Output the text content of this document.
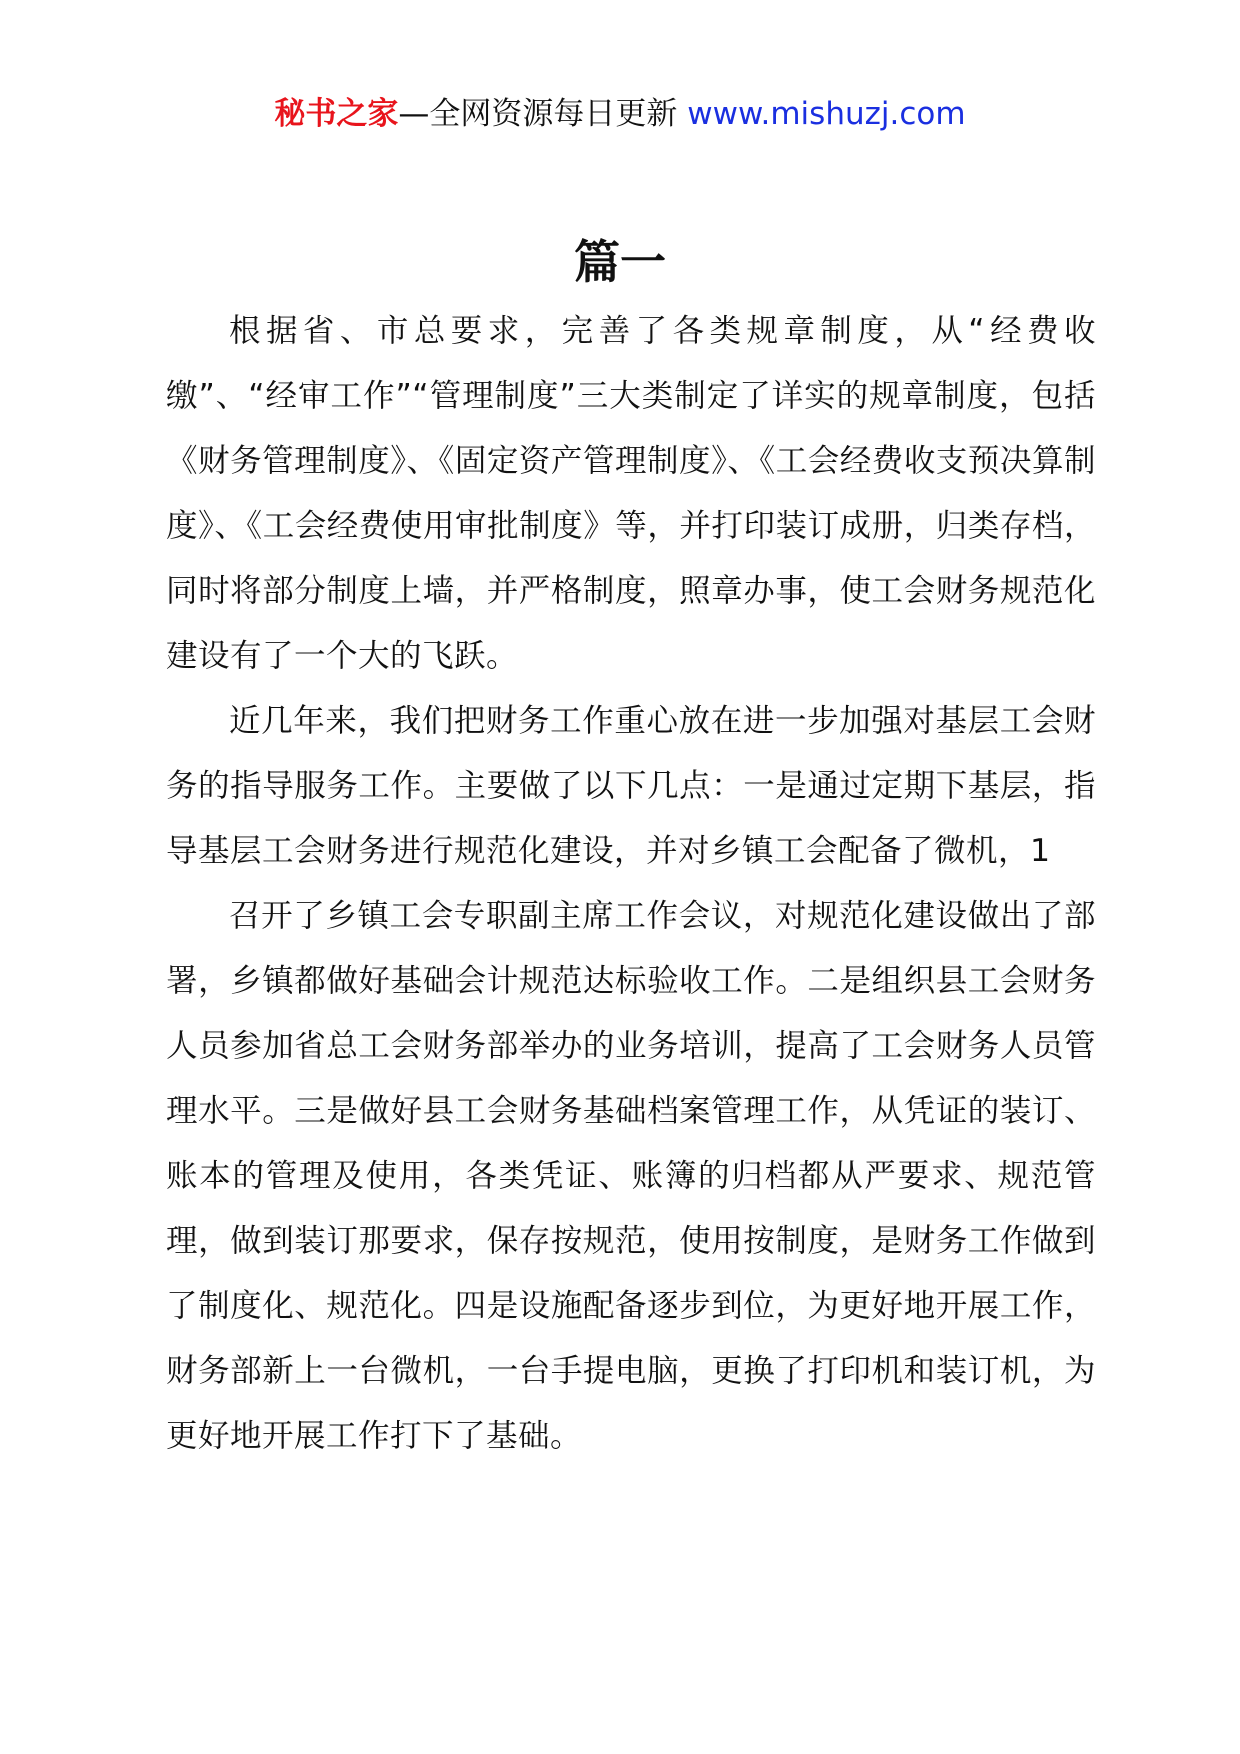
秘书之家—全网资源每日更新 www.mishuzj.com
篇一

根据省、市总要求，完善了各类规章制度，从“经费收缴”、“经审工作”“管理制度”三大类制定了详实的规章制度，包括《财务管理制度》、《固定资产管理制度》、《工会经费收支预决算制度》、《工会经费使用审批制度》等，并打印装订成册，归类存档，同时将部分制度上墙，并严格制度，照章办事，使工会财务规范化建设有了一个大的飞跃。

近几年来，我们把财务工作重心放在进一步加强对基层工会财务的指导服务工作。主要做了以下几点：一是通过定期下基层，指导基层工会财务进行规范化建设，并对乡镇工会配备了微机，1

召开了乡镇工会专职副主席工作会议，对规范化建设做出了部署，乡镇都做好基础会计规范达标验收工作。二是组织县工会财务人员参加省总工会财务部举办的业务培训，提高了工会财务人员管理水平。三是做好县工会财务基础档案管理工作，从凭证的装订、账本的管理及使用，各类凭证、账簿的归档都从严要求、规范管理，做到装订那要求，保存按规范，使用按制度，是财务工作做到了制度化、规范化。四是设施配备逐步到位，为更好地开展工作，财务部新上一台微机，一台手提电脑，更换了打印机和装订机，为更好地开展工作打下了基础。
